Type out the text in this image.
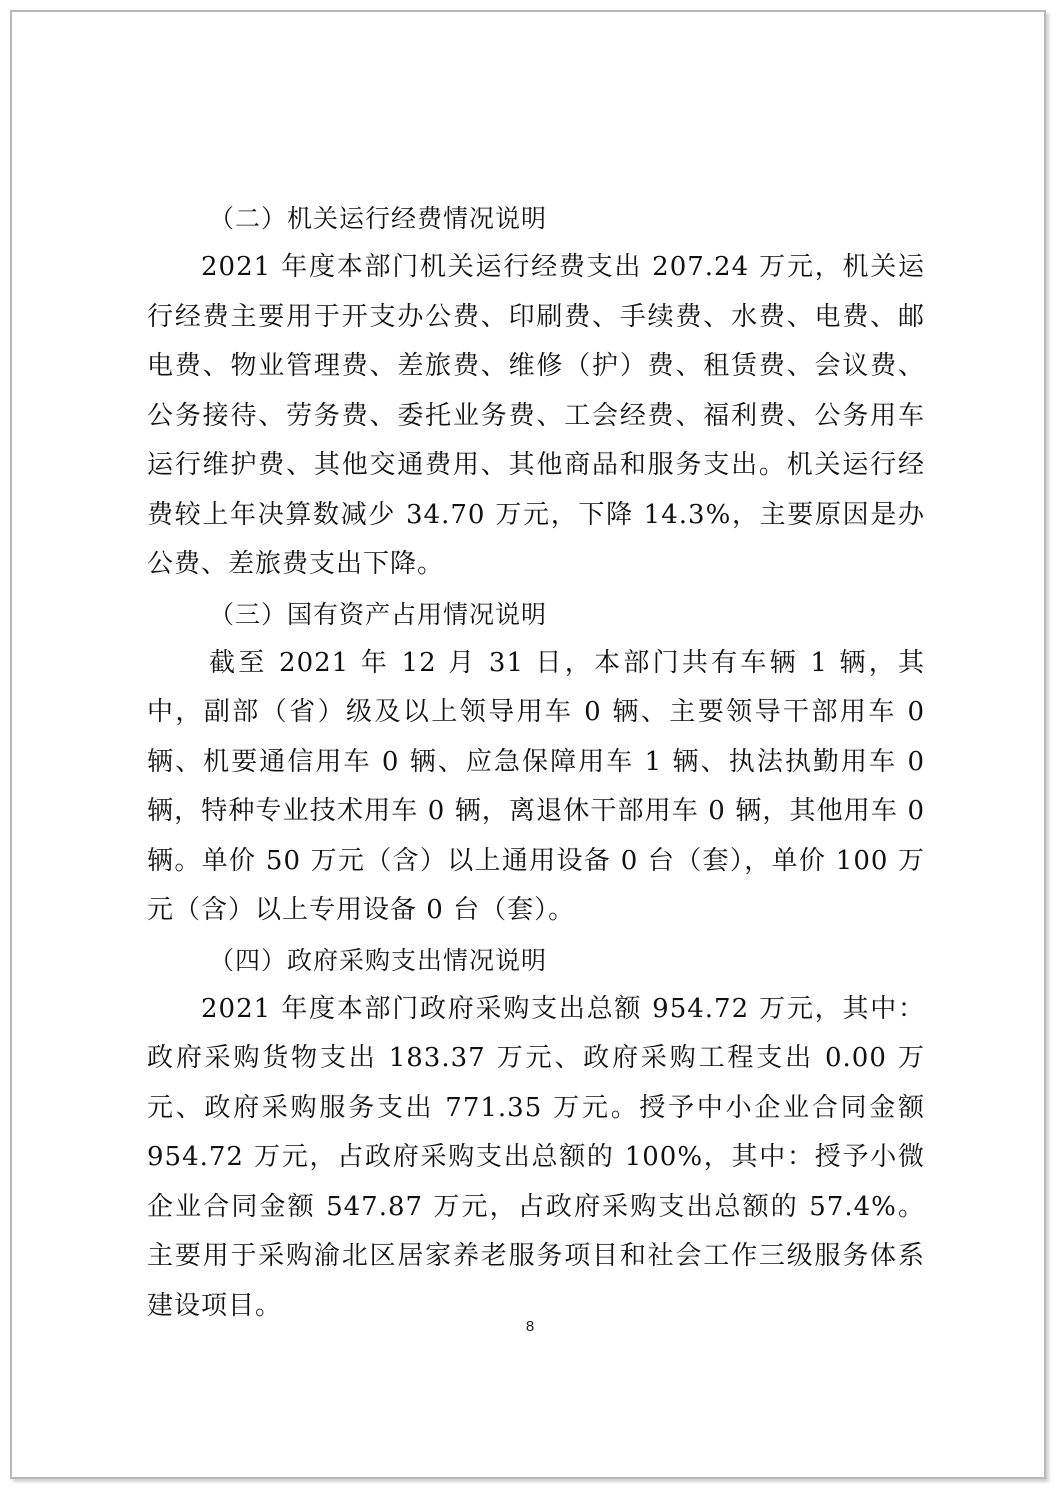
（二）机关运行经费情况说明

2021 年度本部门机关运行经费支出 207.24 万元，机关运行经费主要用于开支办公费、印刷费、手续费、水费、电费、邮电费、物业管理费、差旅费、维修（护）费、租赁费、会议费、公务接待、劳务费、委托业务费、工会经费、福利费、公务用车运行维护费、其他交通费用、其他商品和服务支出。机关运行经费较上年决算数减少 34.70 万元，下降 14.3%，主要原因是办公费、差旅费支出下降。

（三）国有资产占用情况说明

截至 2021 年 12 月 31 日，本部门共有车辆 1 辆，其中，副部（省）级及以上领导用车 0 辆、主要领导干部用车 0 辆、机要通信用车 0 辆、应急保障用车 1 辆、执法执勤用车 0 辆，特种专业技术用车 0 辆，离退休干部用车 0 辆，其他用车 0 辆。单价 50 万元（含）以上通用设备 0 台（套），单价 100 万元（含）以上专用设备 0 台（套）。

（四）政府采购支出情况说明

2021 年度本部门政府采购支出总额 954.72 万元，其中：政府采购货物支出 183.37 万元、政府采购工程支出 0.00 万元、政府采购服务支出 771.35 万元。授予中小企业合同金额 954.72 万元，占政府采购支出总额的 100%，其中：授予小微企业合同金额 547.87 万元，占政府采购支出总额的 57.4%。主要用于采购渝北区居家养老服务项目和社会工作三级服务体系建设项目。

8
